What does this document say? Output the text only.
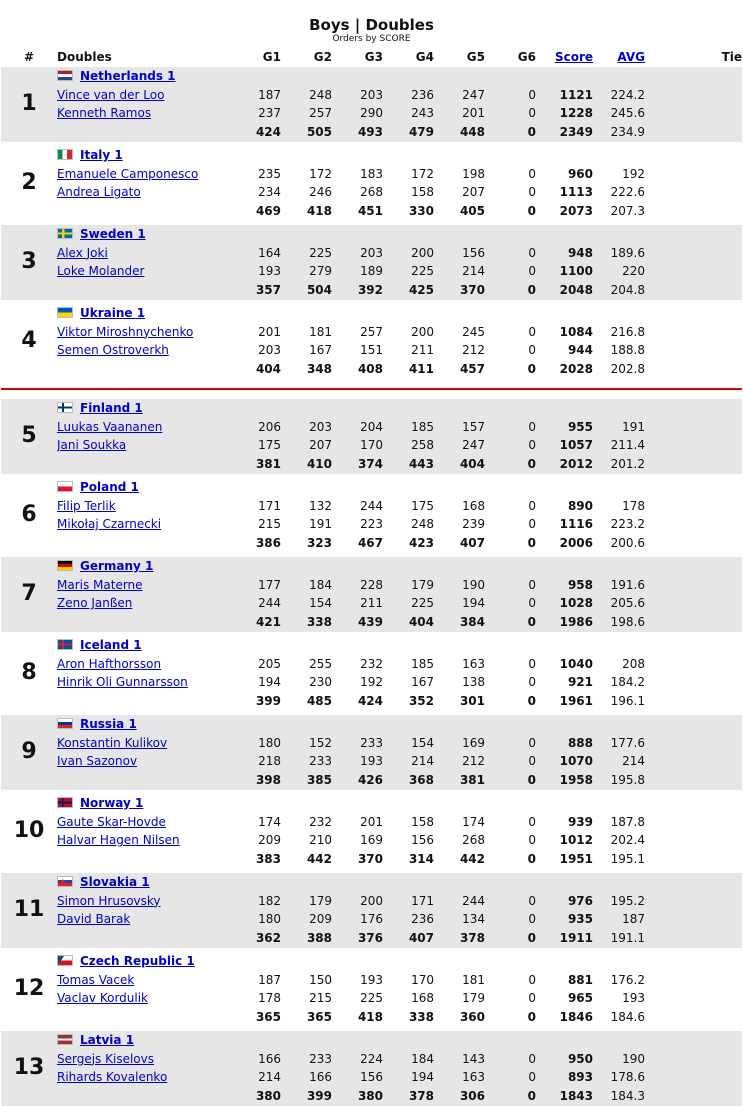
Boys | Doubles
Orders by SCORE
#	Doubles	G1	G2	G3	G4	G5	G6	Score	AVG	Tie
1	Netherlands 1									
	Vince van der Loo	187	248	203	236	247	0	1121	224.2	
	Kenneth Ramos	237	257	290	243	201	0	1228	245.6	
		424	505	493	479	448	0	2349	234.9	

2	Italy 1									
	Emanuele Camponesco	235	172	183	172	198	0	960	192	
	Andrea Ligato	234	246	268	158	207	0	1113	222.6	
		469	418	451	330	405	0	2073	207.3	

3	Sweden 1									
	Alex Joki	164	225	203	200	156	0	948	189.6	
	Loke Molander	193	279	189	225	214	0	1100	220	
		357	504	392	425	370	0	2048	204.8	

4	Ukraine 1									
	Viktor Miroshnychenko	201	181	257	200	245	0	1084	216.8	
	Semen Ostroverkh	203	167	151	211	212	0	944	188.8	
		404	348	408	411	457	0	2028	202.8	

5	Finland 1									
	Luukas Vaananen	206	203	204	185	157	0	955	191	
	Jani Soukka	175	207	170	258	247	0	1057	211.4	
		381	410	374	443	404	0	2012	201.2	

6	Poland 1									
	Filip Terlik	171	132	244	175	168	0	890	178	
	Mikołaj Czarnecki	215	191	223	248	239	0	1116	223.2	
		386	323	467	423	407	0	2006	200.6	

7	Germany 1									
	Maris Materne	177	184	228	179	190	0	958	191.6	
	Zeno Janßen	244	154	211	225	194	0	1028	205.6	
		421	338	439	404	384	0	1986	198.6	

8	Iceland 1									
	Aron Hafthorsson	205	255	232	185	163	0	1040	208	
	Hinrik Oli Gunnarsson	194	230	192	167	138	0	921	184.2	
		399	485	424	352	301	0	1961	196.1	

9	Russia 1									
	Konstantin Kulikov	180	152	233	154	169	0	888	177.6	
	Ivan Sazonov	218	233	193	214	212	0	1070	214	
		398	385	426	368	381	0	1958	195.8	

10	Norway 1									
	Gaute Skar-Hovde	174	232	201	158	174	0	939	187.8	
	Halvar Hagen Nilsen	209	210	169	156	268	0	1012	202.4	
		383	442	370	314	442	0	1951	195.1	

11	Slovakia 1									
	Simon Hrusovsky	182	179	200	171	244	0	976	195.2	
	David Barak	180	209	176	236	134	0	935	187	
		362	388	376	407	378	0	1911	191.1	

12	Czech Republic 1									
	Tomas Vacek	187	150	193	170	181	0	881	176.2	
	Vaclav Kordulik	178	215	225	168	179	0	965	193	
		365	365	418	338	360	0	1846	184.6	

13	Latvia 1									
	Sergejs Kiselovs	166	233	224	184	143	0	950	190	
	Rihards Kovalenko	214	166	156	194	163	0	893	178.6	
		380	399	380	378	306	0	1843	184.3	
